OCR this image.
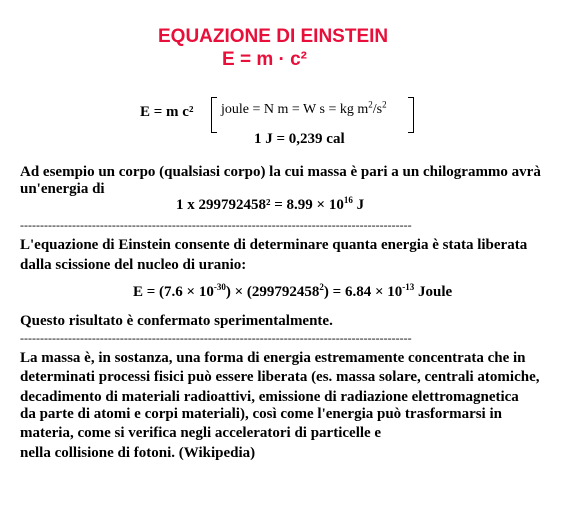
EQUAZIONE DI EINSTEIN
E = m · c²
E = m c² joule = N m = W s = kg $m^2/s^2$
1 J = 0,239 cal
Ad esempio un corpo (qualsiasi corpo) la cui massa è pari a un chilogrammo avrà
un'energia di
1 x $299792458^2 = 8.99 \times 10^{16}$ J
--------------------------------------------------------------------------------------------------
L'equazione di Einstein consente di determinare quanta energia è stata liberata
dalla scissione del nucleo di uranio:
$E = (7.6 \times 10^{-30}) \times (299792458^2) = 6.84 \times 10^{-13}$ Joule
Questo risultato è confermato sperimentalmente.
--------------------------------------------------------------------------------------------------
La massa è, in sostanza, una forma di energia estremamente concentrata che in
determinati processi fisici può essere liberata (es. massa solare, centrali atomiche,
decadimento di materiali radioattivi, emissione di radiazione elettromagnetica
da parte di atomi e corpi materiali), così come l'energia può trasformarsi in
materia, come si verifica negli acceleratori di particelle e
nella collisione di fotoni. (Wikipedia)
